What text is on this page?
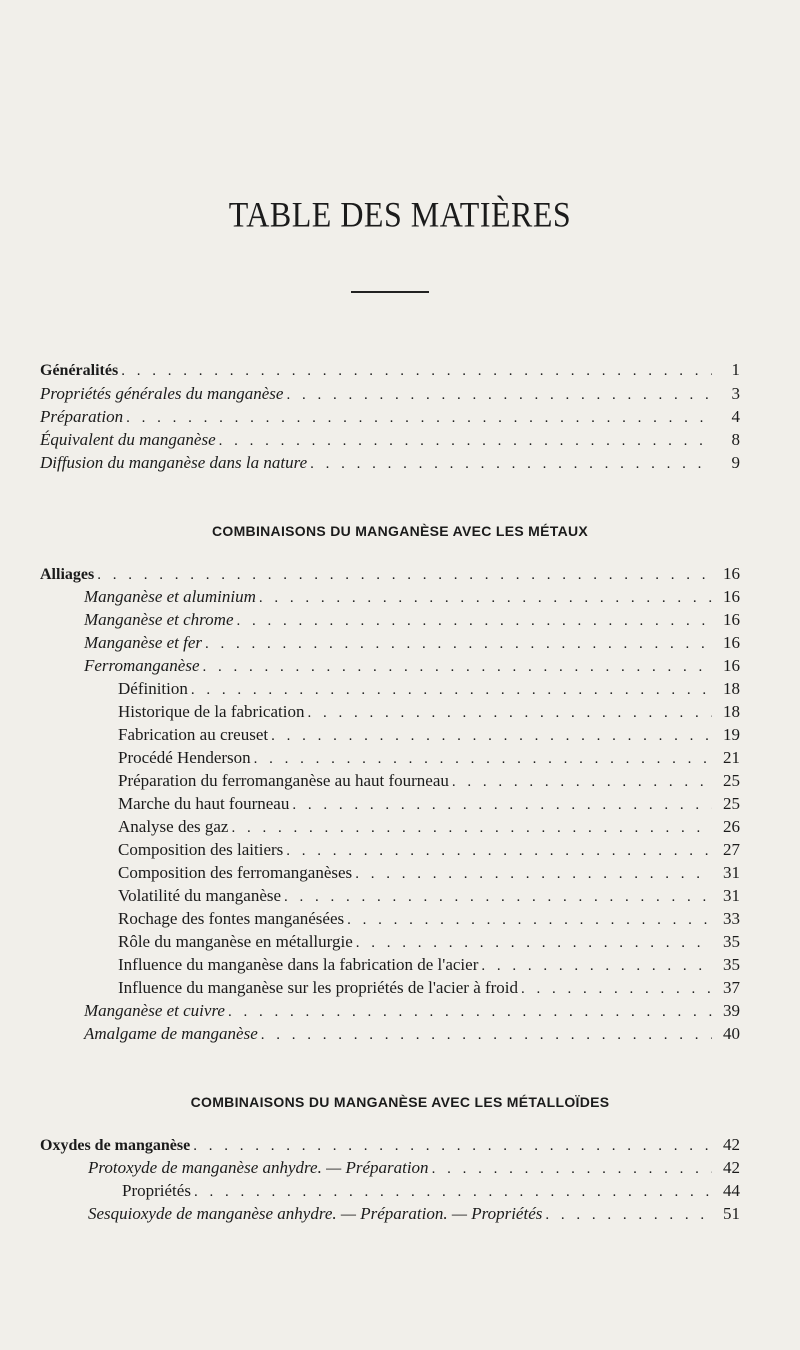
TABLE DES MATIÈRES
Généralités . . .	1
Propriétés générales du manganèse . . .	3
Préparation . . .	4
Équivalent du manganèse . . .	8
Diffusion du manganèse dans la nature . . .	9
COMBINAISONS DU MANGANÈSE AVEC LES MÉTAUX
Alliages . . .	16
Manganèse et aluminium . . .	16
Manganèse et chrome . . .	16
Manganèse et fer . . .	16
Ferromanganèse . . .	16
Définition . . .	18
Historique de la fabrication . . .	18
Fabrication au creuset . . .	19
Procédé Henderson . . .	21
Préparation du ferromanganèse au haut fourneau . . .	25
Marche du haut fourneau . . .	25
Analyse des gaz . . .	26
Composition des laitiers . . .	27
Composition des ferromanganèses . . .	31
Volatilité du manganèse . . .	31
Rochage des fontes manganésées . . .	33
Rôle du manganèse en métallurgie . . .	35
Influence du manganèse dans la fabrication de l'acier . . .	35
Influence du manganèse sur les propriétés de l'acier à froid . . .	37
Manganèse et cuivre . . .	39
Amalgame de manganèse . . .	40
COMBINAISONS DU MANGANÈSE AVEC LES MÉTALLOÏDES
Oxydes de manganèse . . .	42
Protoxyde de manganèse anhydre. — Préparation . . .	42
Propriétés . . .	44
Sesquioxyde de manganèse anhydre. — Préparation. — Propriétés . . .	51
